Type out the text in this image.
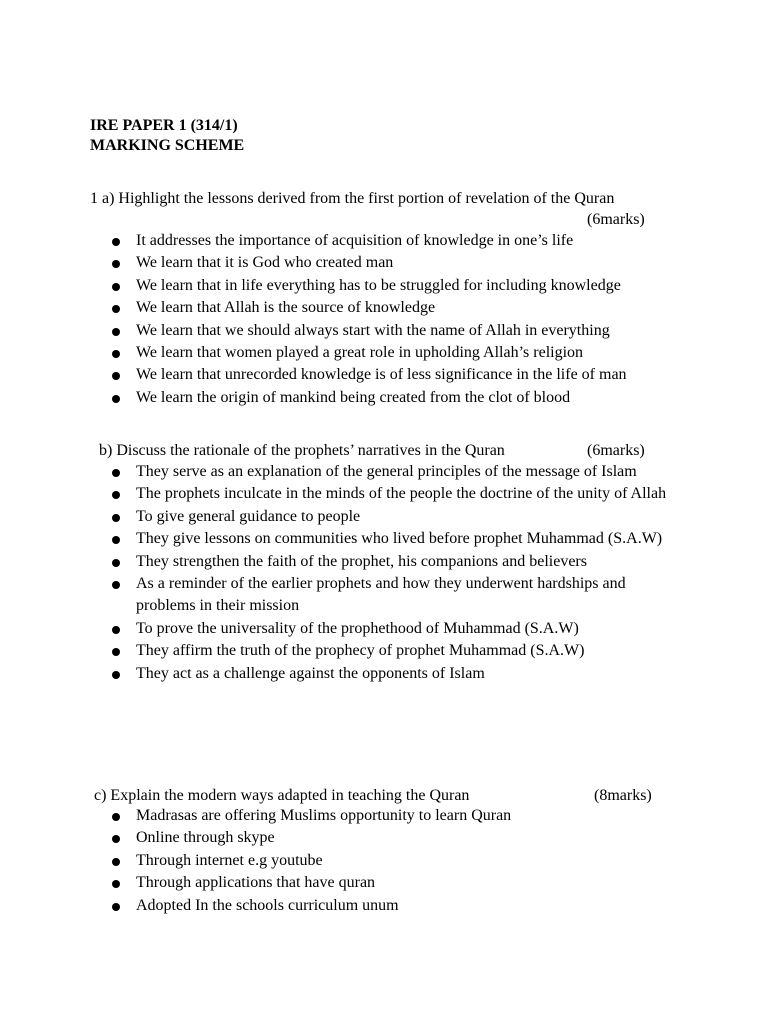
IRE PAPER 1 (314/1)
MARKING SCHEME
1 a) Highlight the lessons derived from the first portion of revelation of the Quran
(6marks)
It addresses the importance of acquisition of knowledge in one’s life
We learn that it is God who created man
We learn that in life everything has to be struggled for including knowledge
We learn that Allah is the source of knowledge
We learn that we should always start with the name of Allah in everything
We learn that women played a great role in upholding Allah’s religion
We learn that unrecorded knowledge is of less significance in the life of man
We learn the origin of mankind being created from the clot of blood
b) Discuss the rationale of the prophets’ narratives in the Quran	(6marks)
They serve as an explanation of the general principles of the message of Islam
The prophets inculcate in the minds of the people the doctrine of the unity of Allah
To give general guidance to people
They give lessons on communities who lived before prophet Muhammad (S.A.W)
They strengthen the faith of the prophet, his companions and believers
As a reminder of the earlier prophets and how they underwent hardships and problems in their mission
To prove the universality of the prophethood of Muhammad (S.A.W)
They affirm the truth of the prophecy of prophet Muhammad (S.A.W)
They act as a challenge against the opponents of Islam
c) Explain the modern ways adapted in teaching the Quran	(8marks)
Madrasas are offering Muslims opportunity to learn Quran
Online through skype
Through internet e.g youtube
Through applications that have quran
Adopted In the schools curriculum unum
